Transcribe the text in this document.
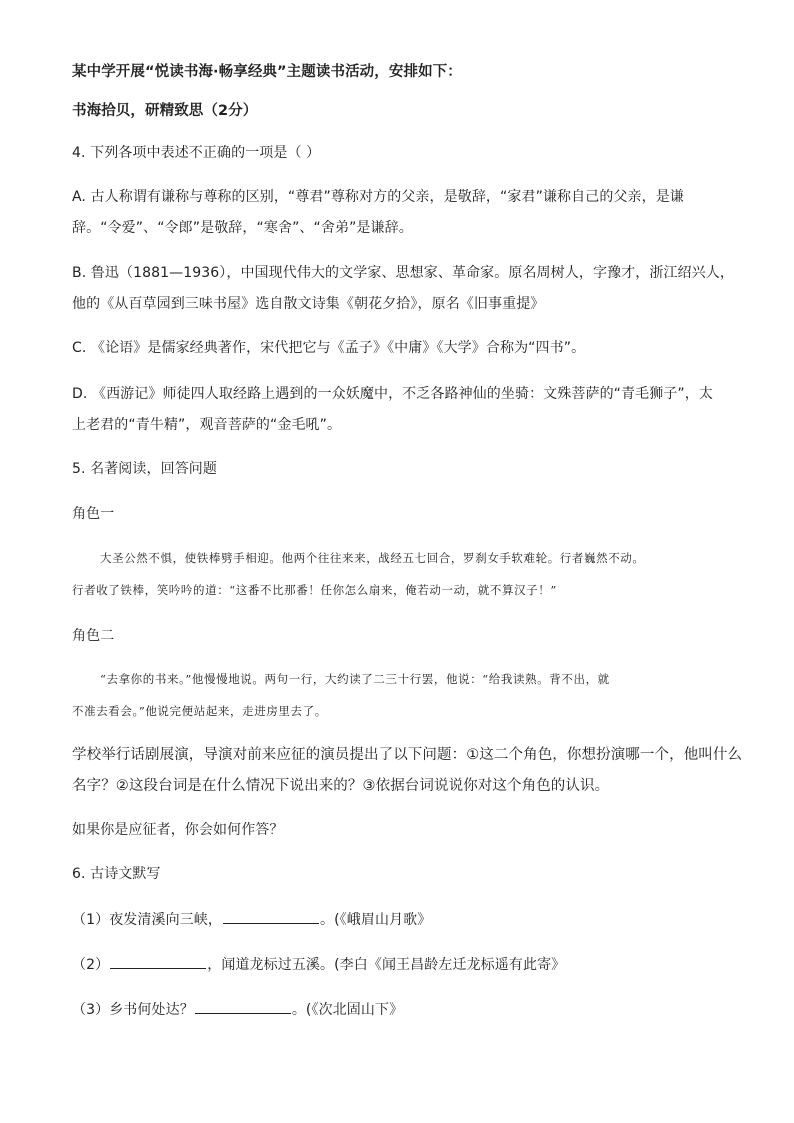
某中学开展“悦读书海·畅享经典”主题读书活动，安排如下：
书海拾贝，研精致思（2分）
4. 下列各项中表述不正确的一项是（ ）
A. 古人称谓有谦称与尊称的区别，“尊君”尊称对方的父亲，是敬辞，“家君”谦称自己的父亲，是谦
辞。“令爱”、“令郎”是敬辞，“寒舍”、“舍弟”是谦辞。
B. 鲁迅（1881—1936），中国现代伟大的文学家、思想家、革命家。原名周树人，字豫才，浙江绍兴人，
他的《从百草园到三味书屋》选自散文诗集《朝花夕拾》，原名《旧事重提》
C. 《论语》是儒家经典著作，宋代把它与《孟子》《中庸》《大学》合称为“四书”。
D. 《西游记》师徒四人取经路上遇到的一众妖魔中，不乏各路神仙的坐骑：文殊菩萨的“青毛狮子”，太
上老君的“青牛精”，观音菩萨的“金毛吼”。
5. 名著阅读，回答问题
角色一
大圣公然不惧，使铁棒劈手相迎。他两个往往来来，战经五七回合，罗刹女手软难轮。行者巍然不动。
行者收了铁棒，笑吟吟的道：“这番不比那番！任你怎么扇来，俺若动一动，就不算汉子！”
角色二
“去拿你的书来。”他慢慢地说。两句一行，大约读了二三十行罢，他说：“给我读熟。背不出，就
不准去看会。”他说完便站起来，走进房里去了。
学校举行话剧展演，导演对前来应征的演员提出了以下问题：①这二个角色，你想扮演哪一个，他叫什么
名字？②这段台词是在什么情况下说出来的？③依据台词说说你对这个角色的认识。
如果你是应征者，你会如何作答？
6. 古诗文默写
（1）夜发清溪向三峡，	。(《峨眉山月歌》
（2）	，闻道龙标过五溪。(李白《闻王昌龄左迁龙标遥有此寄》
（3）乡书何处达？	。(《次北固山下》
